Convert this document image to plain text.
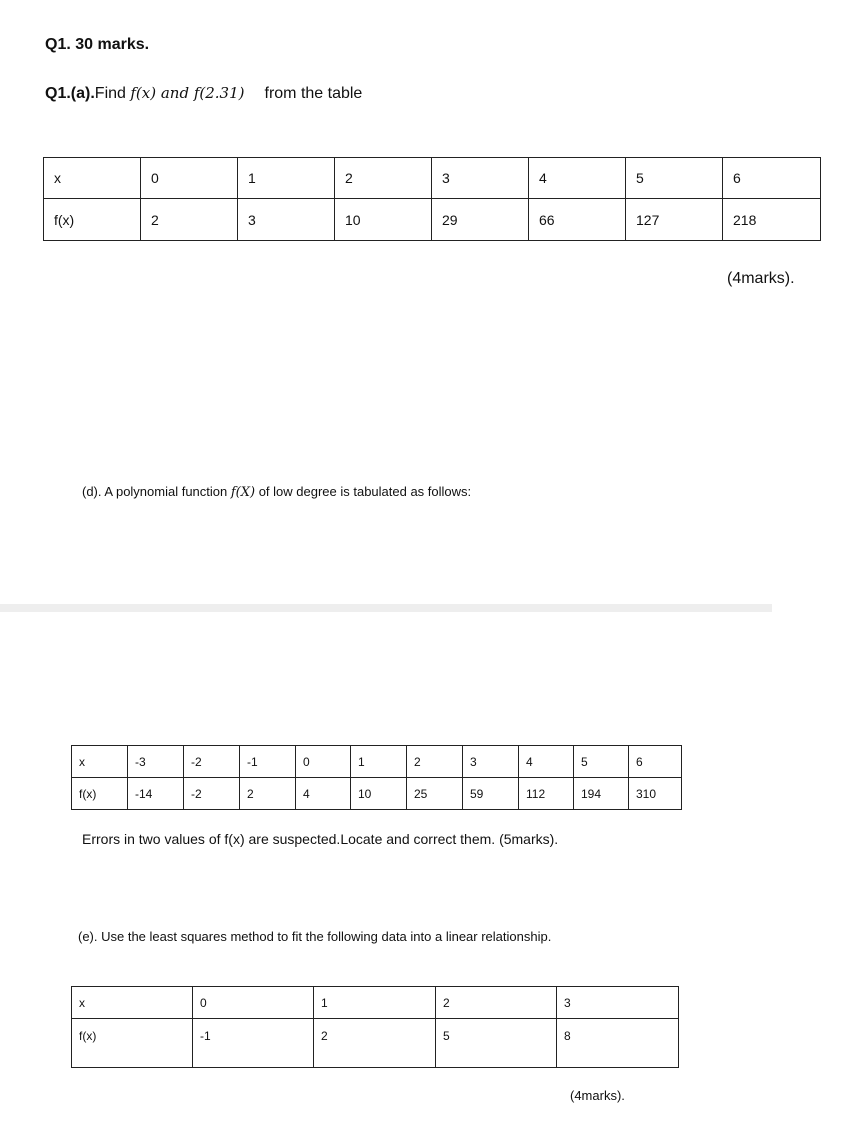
Q1. 30 marks.
Q1.(a).Find f(x) and f(2.31) from the table
x	0	1	2	3	4	5	6
f(x)	2	3	10	29	66	127	218
(4marks).
(d). A polynomial function f(X) of low degree is tabulated as follows:
x	-3	-2	-1	0	1	2	3	4	5	6
f(x)	-14	-2	2	4	10	25	59	112	194	310
Errors in two values of f(x) are suspected.Locate and correct them. (5marks).
(e). Use the least squares method to fit the following data into a linear relationship.
x	0	1	2	3
f(x)	-1	2	5	8
(4marks).
